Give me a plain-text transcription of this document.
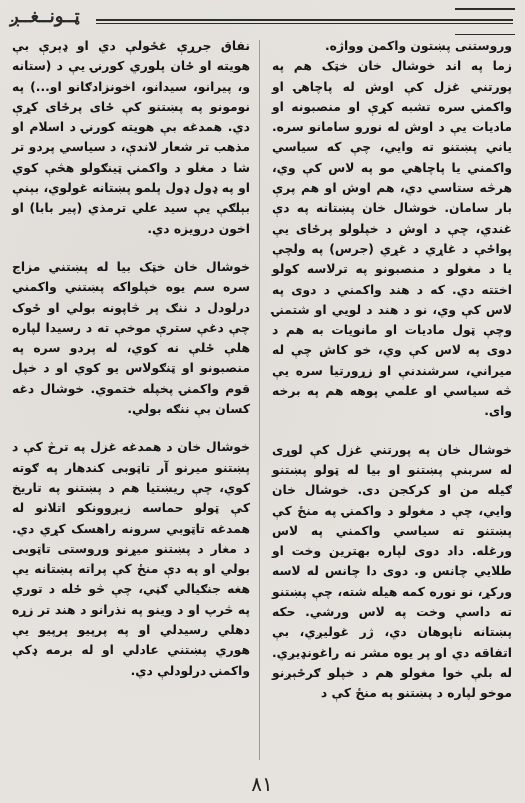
ټــونــغــږ

وروستنی پښتون واکمن وواژه.

زما په اند خوشال خان خټک هم په پورتني غزل کې اوش له پاچاهۍ او واکمنۍ سره تشبه کړې او منصبونه او ماديات يې د اوش له نورو سامانو سره. ياني پښتنو ته وايي، چې که سياسي واکمني يا پاچاهي مو په لاس کې وي، هرڅه ستاسي دي، هم اوش او هم پرې بار سامان. خوشال خان پښتانه په دې غندي، چې د اوش د خپلولو پرځای يې پواځې د غاړي د غړي (جرس) په ولچې يا د مغولو د منصبونو په ترلاسه کولو اختته دي. که د هند واکمني د دوی په لاس کې وي، نو د هند د لويي او شتمنۍ وچې ټول ماديات او مانويات به هم د دوی په لاس کې وي، خو کاش چې له ميراني، سرشندنې او زړورتيا سره يې څه سياسي او علمي پوهه هم په برخه وای.

خوشال خان په پورتني غزل کې لوړی له سربنې پښتنو او بيا له ټولو پښتنو ګيله من او کرکجن دی. خوشال خان وايي، چې د مغولو د واکمنۍ په منځ کې پښتنو ته سياسي واکمني په لاس ورغله. داد دوی لپاره بهترين وخت او طلايي چانس و. دوی دا چانس له لاسه ورکړ، نو نوره کمه هيله شته، چې پښتنو ته داسې وخت په لاس ورشي. حکه پښتانه ناپوهان دي، ژر غوليږي، بې اتفاقه دي او پر يوه مشر نه راغونډيږي. له بلې خوا مغولو هم د خپلو ګرځېږنو موخو لپاره د پښتنو په منځ کې د

نفاق جرړې غځولې دي او ډېرې بې هويته او ځان پلوري کورنۍ يې د (ستانه و، پيرانو، سيدانو، اخونزادګانو او...) په نومونو په پښتنو کې ځای پرځای کړې دي. همدغه بې هويته کورنۍ د اسلام او مذهب تر شعار لاندې، د سياسي پردو تر شا د مغلو د واکمنۍ ټينګولو هڅې کوي او په ډول ډول پلمو پښتانه غولوي، بېنې بېلګې يې سيد علي ترمذي (پير بابا) او اخون درويزه دي.

خوشال خان خټک بيا له پښتني مزاج سره سم يوه خپلواکه پښتني واکمني درلودل د ننګ پر څاپونه بولي او ځوک چې دغې سترې موخې ته د رسيدا لپاره هلې ځلې نه کوي، له پردو سره په منصبونو او ټنګولاس يو کوي او د خپل قوم واکمنۍ پخپله ختموي. خوشال دغه کسان بې ننګه بولي.

خوشال خان د همدغه غزل په ترڅ کې د پښتنو میرنو آر تاټوبی کندهار په ګوته کوي، چې ريښتيا هم د پښتنو په تاريخ کې ټولو حماسه زيږوونکو اتلانو له همدغه تاټوبي سرونه راهسک کړي دي. د مغار د پښتنو ميړنو وروستی تاټوبی بولي او په دې منځ کې پراته پښتانه يې هغه جنګيالي ګڼي، چې څو ځله د توري په څرپ او د وينو په نذرانو د هند تر زړه دهلي رسيدلي او په پرپيو پرپيو يې هوري پښتني عادلي او له برمه ډکې واکمنۍ درلودلې دي.

٨١
